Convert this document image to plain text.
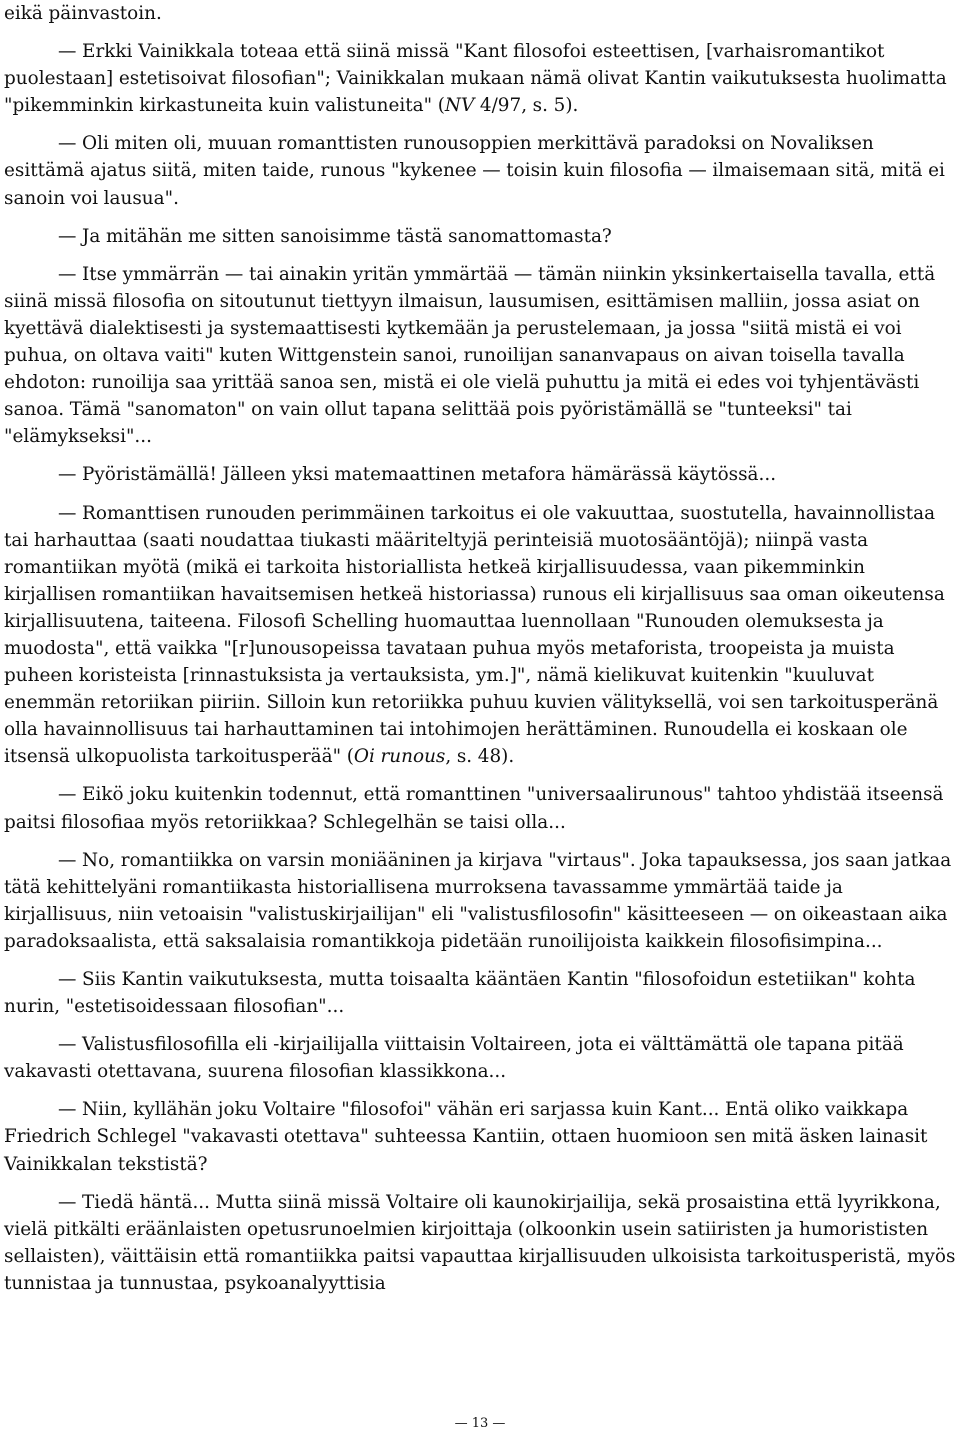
eikä päinvastoin.

— Erkki Vainikkala toteaa että siinä missä "Kant filosofoi esteettisen, [varhaisromantikot puolestaan] estetisoivat filosofian"; Vainikkalan mukaan nämä olivat Kantin vaikutuksesta huolimatta "pikemminkin kirkastuneita kuin valistuneita" (NV 4/97, s. 5).

— Oli miten oli, muuan romanttisten runousoppien merkittävä paradoksi on Novaliksen esittämä ajatus siitä, miten taide, runous "kykenee — toisin kuin filosofia — ilmaisemaan sitä, mitä ei sanoin voi lausua".

— Ja mitähän me sitten sanoisimme tästä sanomattomasta?

— Itse ymmärrän — tai ainakin yritän ymmärtää — tämän niinkin yksinkertaisella tavalla, että siinä missä filosofia on sitoutunut tiettyyn ilmaisun, lausumisen, esittämisen malliin, jossa asiat on kyettävä dialektisesti ja systemaattisesti kytkemään ja perustelemaan, ja jossa "siitä mistä ei voi puhua, on oltava vaiti" kuten Wittgenstein sanoi, runoilijan sananvapaus on aivan toisella tavalla ehdoton: runoilija saa yrittää sanoa sen, mistä ei ole vielä puhuttu ja mitä ei edes voi tyhjentävästi sanoa. Tämä "sanomaton" on vain ollut tapana selittää pois pyöristämällä se "tunteeksi" tai "elämykseksi"...

— Pyöristämällä! Jälleen yksi matemaattinen metafora hämärässä käytössä...

— Romanttisen runouden perimmäinen tarkoitus ei ole vakuuttaa, suostutella, havainnollistaa tai harhauttaa (saati noudattaa tiukasti määriteltyjä perinteisiä muotosääntöjä); niinpä vasta romantiikan myötä (mikä ei tarkoita historiallista hetkeä kirjallisuudessa, vaan pikemminkin kirjallisen romantiikan havaitsemisen hetkeä historiassa) runous eli kirjallisuus saa oman oikeutensa kirjallisuutena, taiteena. Filosofi Schelling huomauttaa luennollaan "Runouden olemuksesta ja muodosta", että vaikka "[r]unousopeissa tavataan puhua myös metaforista, troopeista ja muista puheen koristeista [rinnastuksista ja vertauksista, ym.]", nämä kielikuvat kuitenkin "kuuluvat enemmän retoriikan piiriin. Silloin kun retoriikka puhuu kuvien välityksellä, voi sen tarkoitusperänä olla havainnollisuus tai harhauttaminen tai intohimojen herättäminen. Runoudella ei koskaan ole itsensä ulkopuolista tarkoitusperää" (Oi runous, s. 48).

— Eikö joku kuitenkin todennut, että romanttinen "universaalirunous" tahtoo yhdistää itseensä paitsi filosofiaa myös retoriikkaa? Schlegelhän se taisi olla...

— No, romantiikka on varsin moniääninen ja kirjava "virtaus". Joka tapauksessa, jos saan jatkaa tätä kehittelyäni romantiikasta historiallisena murroksena tavassamme ymmärtää taide ja kirjallisuus, niin vetoaisin "valistuskirjailijan" eli "valistusfilosofin" käsitteeseen — on oikeastaan aika paradoksaalista, että saksalaisia romantikkoja pidetään runoilijoista kaikkein filosofisimpina...

— Siis Kantin vaikutuksesta, mutta toisaalta kääntäen Kantin "filosofoidun estetiikan" kohta nurin, "estetisoidessaan filosofian"...

— Valistusfilosofilla eli -kirjailijalla viittaisin Voltaireen, jota ei välttämättä ole tapana pitää vakavasti otettavana, suurena filosofian klassikkona...

— Niin, kyllähän joku Voltaire "filosofoi" vähän eri sarjassa kuin Kant... Entä oliko vaikkapa Friedrich Schlegel "vakavasti otettava" suhteessa Kantiin, ottaen huomioon sen mitä äsken lainasit Vainikkalan tekstistä?

— Tiedä häntä... Mutta siinä missä Voltaire oli kaunokirjailija, sekä prosaistina että lyyrikkona, vielä pitkälti eräänlaisten opetusrunoelmien kirjoittaja (olkoonkin usein satiiristen ja humorististen sellaisten), väittäisin että romantiikka paitsi vapauttaa kirjallisuuden ulkoisista tarkoitusperistä, myös tunnistaa ja tunnustaa, psykoanalyyttisia

— 13 —
